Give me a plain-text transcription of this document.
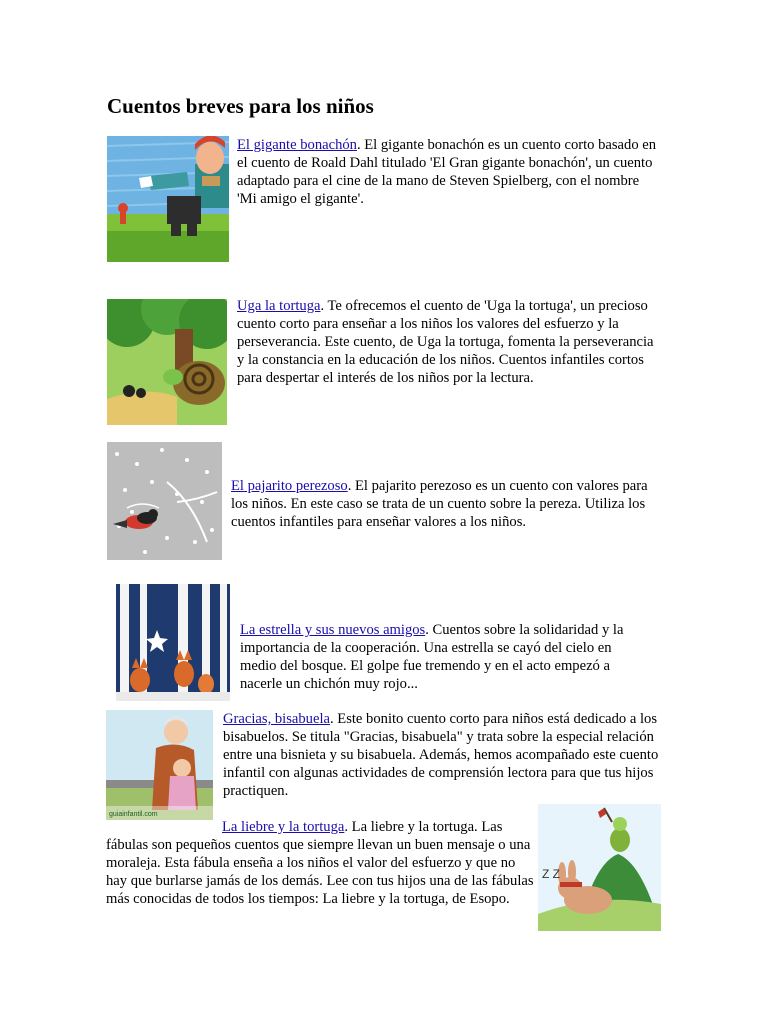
Cuentos breves para los niños
El gigante bonachón. El gigante bonachón es un cuento corto basado en el cuento de Roald Dahl titulado 'El Gran gigante bonachón', un cuento adaptado para el cine de la mano de Steven Spielberg, con el nombre 'Mi amigo el gigante'.
Uga la tortuga. Te ofrecemos el cuento de 'Uga la tortuga', un precioso cuento corto para enseñar a los niños los valores del esfuerzo y la perseverancia. Este cuento, de Uga la tortuga, fomenta la perseverancia y la constancia en la educación de los niños. Cuentos infantiles cortos para despertar el interés de los niños por la lectura.
El pajarito perezoso. El pajarito perezoso es un cuento con valores para los niños. En este caso se trata de un cuento sobre la pereza. Utiliza los cuentos infantiles para enseñar valores a los niños.
La estrella y sus nuevos amigos. Cuentos sobre la solidaridad y la importancia de la cooperación. Una estrella se cayó del cielo en medio del bosque. El golpe fue tremendo y en el acto empezó a nacerle un chichón muy rojo...
guiainfantil.com
Gracias, bisabuela. Este bonito cuento corto para niños está dedicado a los bisabuelos. Se titula "Gracias, bisabuela" y trata sobre la especial relación entre una bisnieta y su bisabuela. Además, hemos acompañado este cuento infantil con algunas actividades de comprensión lectora para que tus hijos practiquen.
Z Z
La liebre y la tortuga. La liebre y la tortuga. Las fábulas son pequeños cuentos que siempre llevan un buen mensaje o una moraleja. Esta fábula enseña a los niños el valor del esfuerzo y que no hay que burlarse jamás de los demás. Lee con tus hijos una de las fábulas más conocidas de todos los tiempos: La liebre y la tortuga, de Esopo.
